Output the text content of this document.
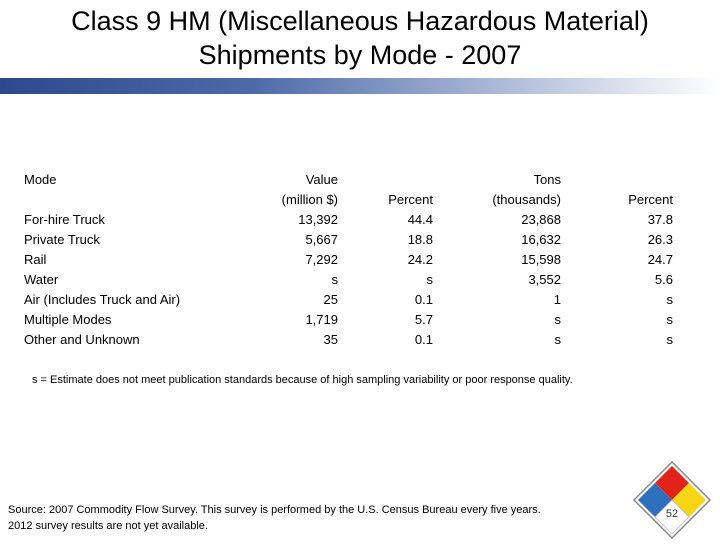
Class 9 HM (Miscellaneous Hazardous Material)
Shipments by Mode - 2007
Mode	Value		Tons	
	(million $)	Percent	(thousands)	Percent
For-hire Truck	13,392	44.4	23,868	37.8
Private Truck	5,667	18.8	16,632	26.3
Rail	7,292	24.2	15,598	24.7
Water	s	s	3,552	5.6
Air (Includes Truck and Air)	25	0.1	1	s
Multiple Modes	1,719	5.7	s	s
Other and Unknown	35	0.1	s	s
s = Estimate does not meet publication standards because of high sampling variability or poor response quality.
Source: 2007 Commodity Flow Survey. This survey is performed by the U.S. Census Bureau every five years.
2012 survey results are not yet available.
52
